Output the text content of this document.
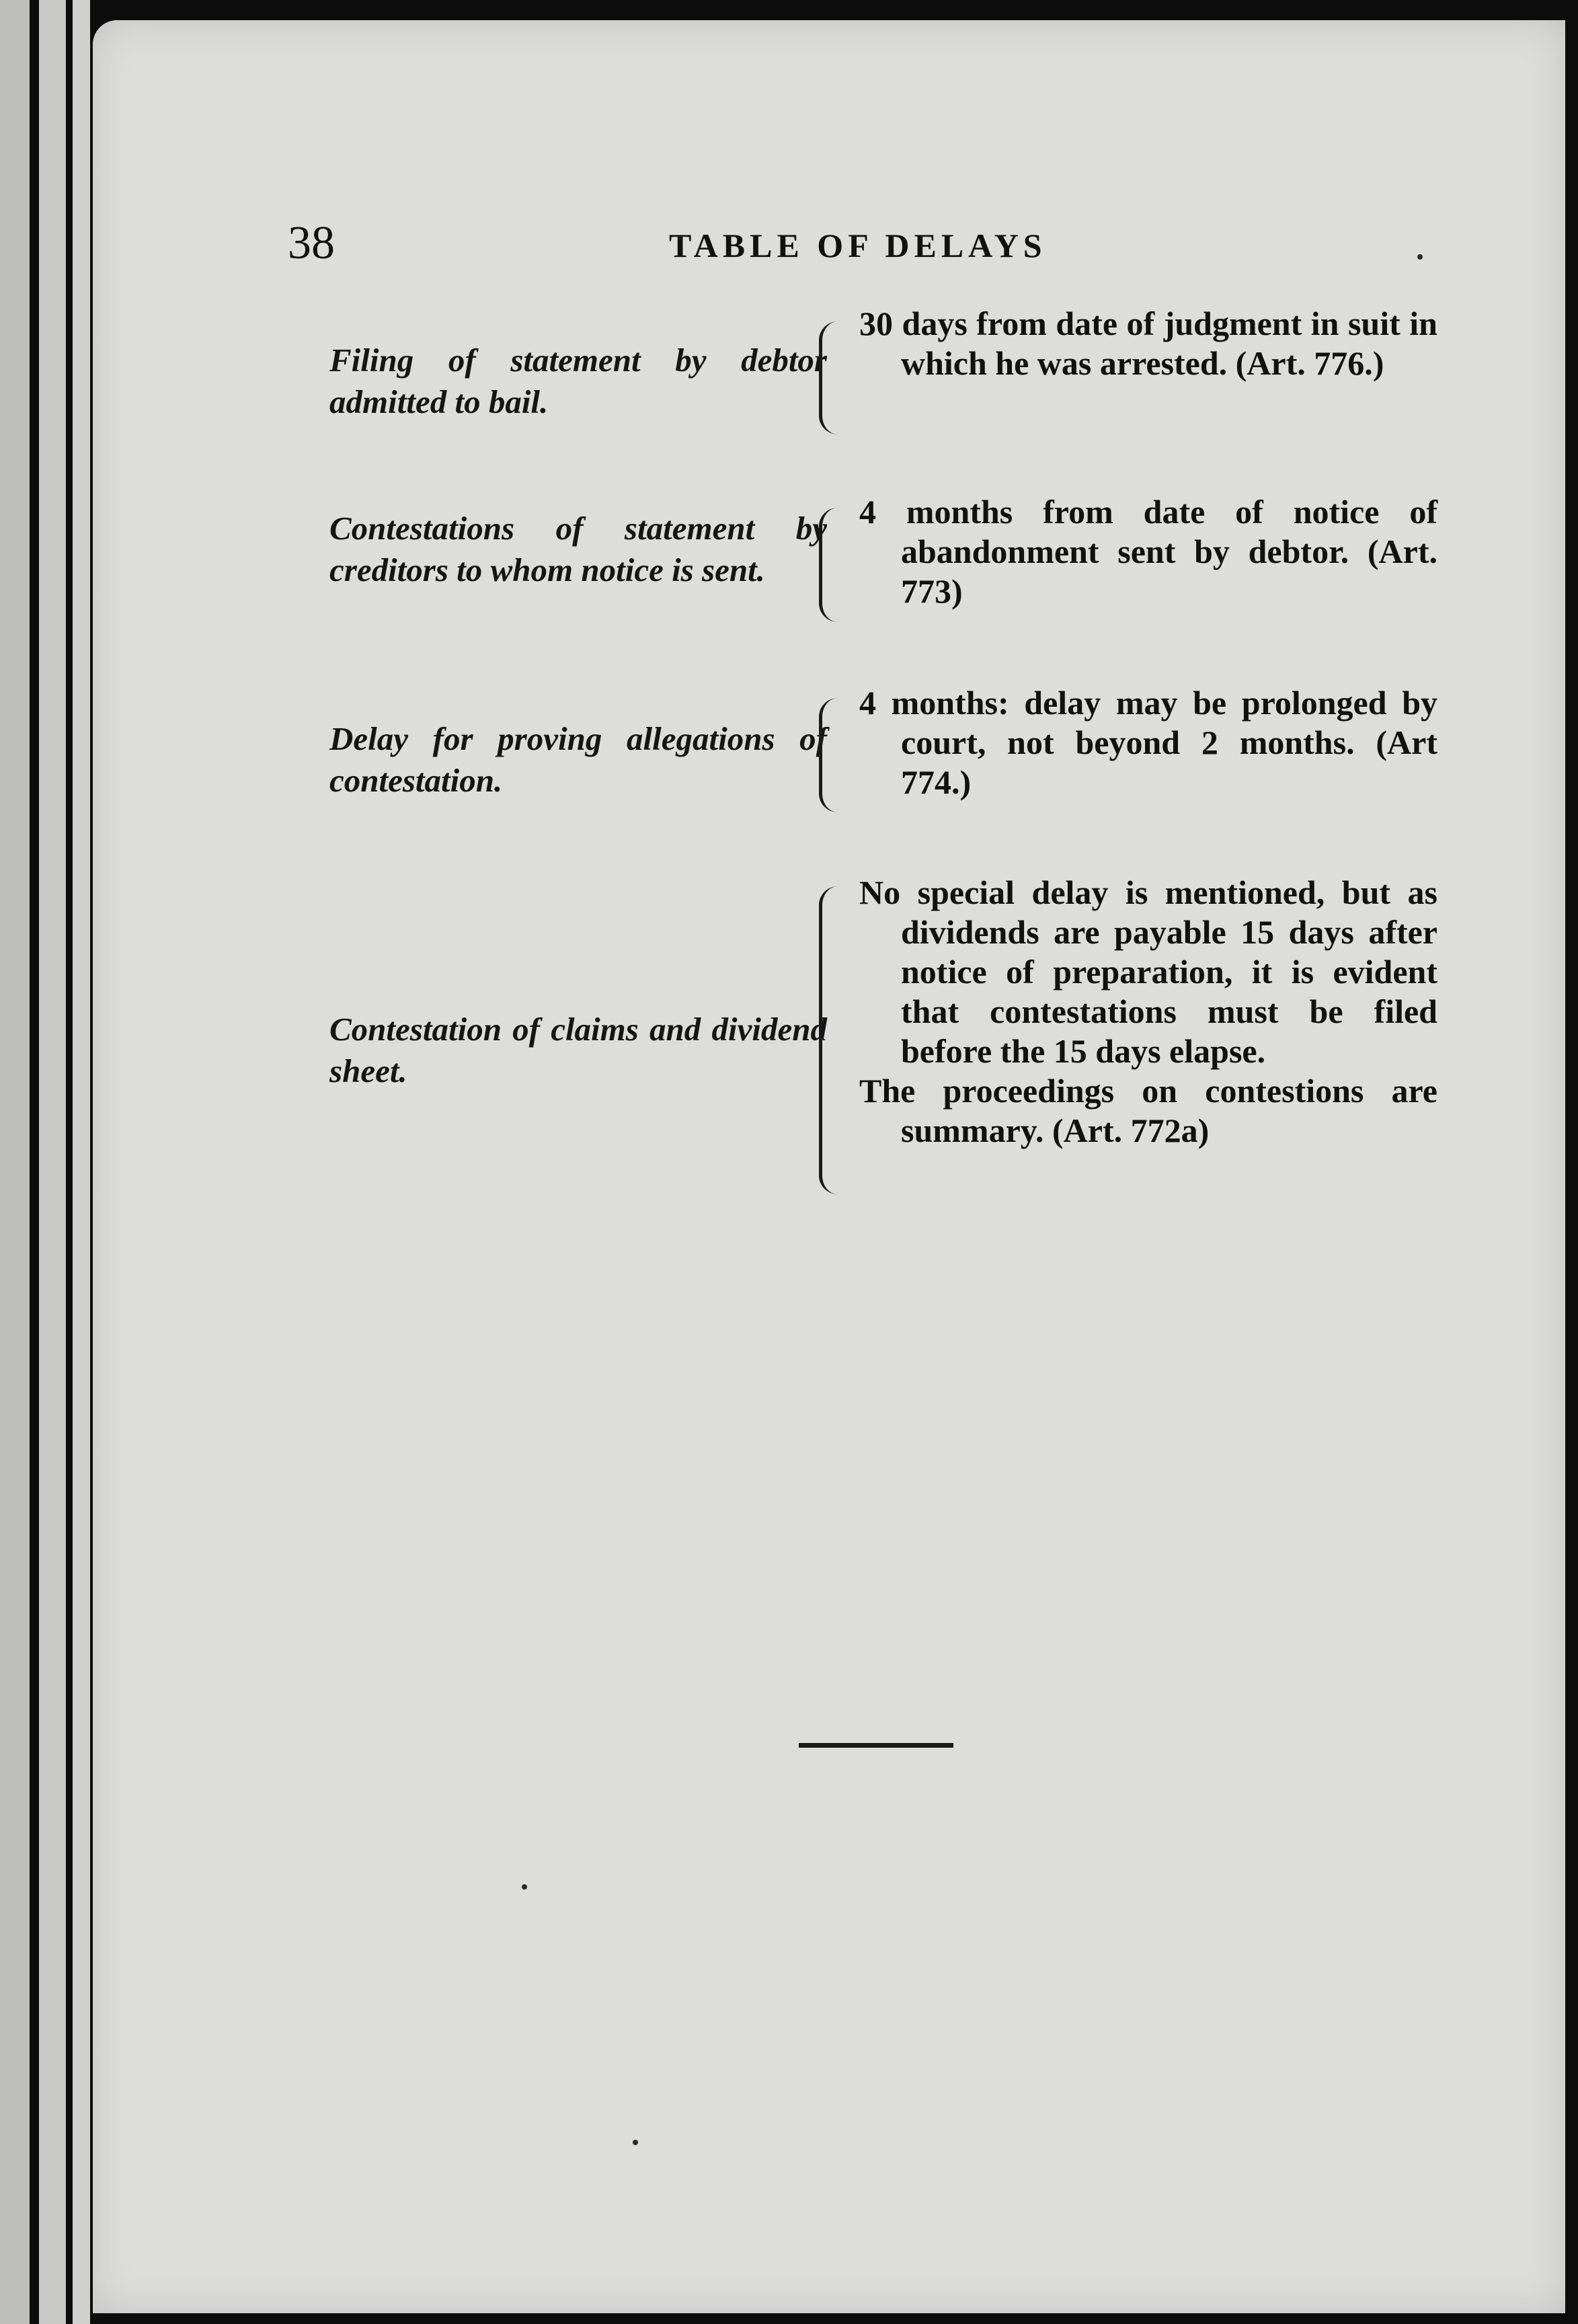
38	TABLE OF DELAYS
Filing of statement by debtor admitted to bail.

30 days from date of judgment in suit in which he was arrested. (Art. 776.)

Contestations of statement by creditors to whom notice is sent.

4 months from date of notice of abandonment sent by debtor. (Art. 773)

Delay for proving allegations of contestation.

4 months: delay may be prolonged by court, not beyond 2 months. (Art 774.)

Contestation of claims and dividend sheet.

No special delay is mentioned, but as dividends are payable 15 days after notice of preparation, it is evident that contestations must be filed before the 15 days elapse.

The proceedings on contestions are summary. (Art. 772a)
